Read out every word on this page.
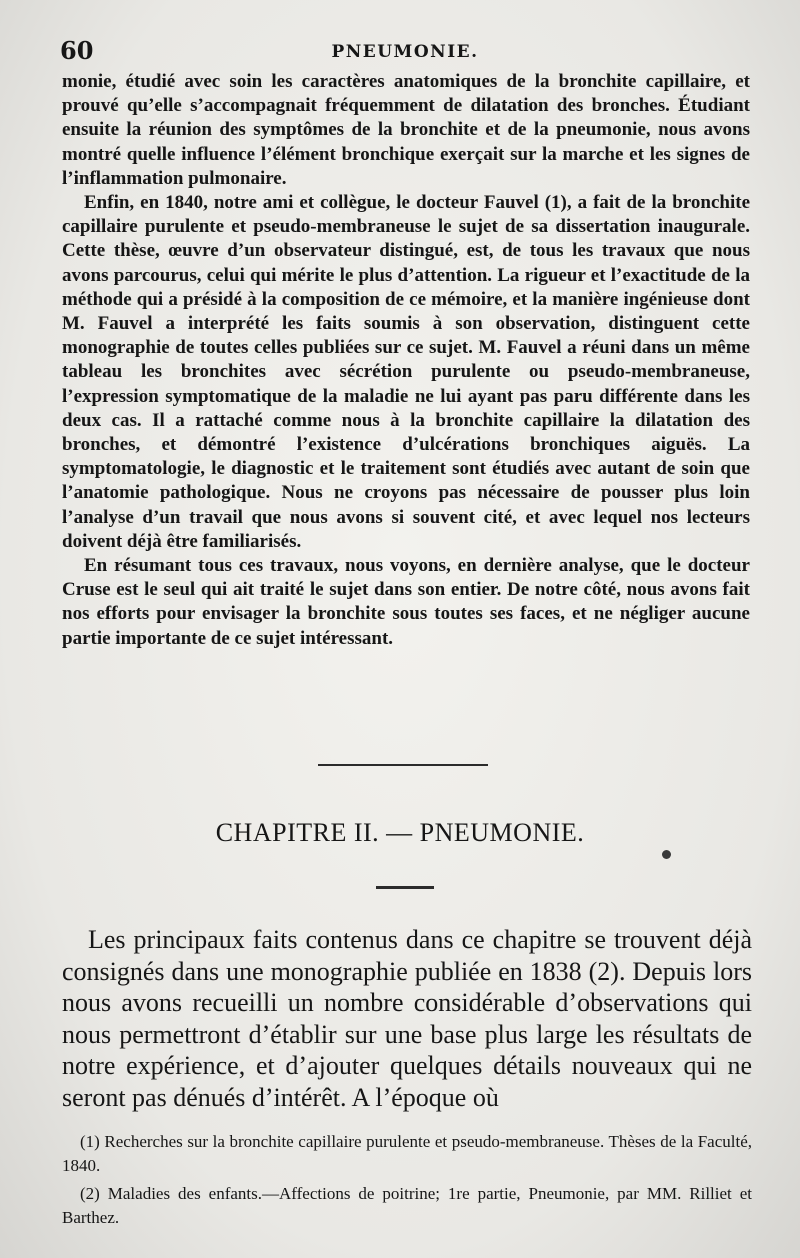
60	PNEUMONIE.

monie, étudié avec soin les caractères anatomiques de la bronchite capillaire, et prouvé qu’elle s’accompagnait fréquemment de dilatation des bronches. Étudiant ensuite la réunion des symptômes de la bronchite et de la pneumonie, nous avons montré quelle influence l’élément bronchique exerçait sur la marche et les signes de l’inflammation pulmonaire.

Enfin, en 1840, notre ami et collègue, le docteur Fauvel (1), a fait de la bronchite capillaire purulente et pseudo-membraneuse le sujet de sa dissertation inaugurale. Cette thèse, œuvre d’un observateur distingué, est, de tous les travaux que nous avons parcourus, celui qui mérite le plus d’attention. La rigueur et l’exactitude de la méthode qui a présidé à la composition de ce mémoire, et la manière ingénieuse dont M. Fauvel a interprété les faits soumis à son observation, distinguent cette monographie de toutes celles publiées sur ce sujet. M. Fauvel a réuni dans un même tableau les bronchites avec sécrétion purulente ou pseudo-membraneuse, l’expression symptomatique de la maladie ne lui ayant pas paru différente dans les deux cas. Il a rattaché comme nous à la bronchite capillaire la dilatation des bronches, et démontré l’existence d’ulcérations bronchiques aiguës. La symptomatologie, le diagnostic et le traitement sont étudiés avec autant de soin que l’anatomie pathologique. Nous ne croyons pas nécessaire de pousser plus loin l’analyse d’un travail que nous avons si souvent cité, et avec lequel nos lecteurs doivent déjà être familiarisés.

En résumant tous ces travaux, nous voyons, en dernière analyse, que le docteur Cruse est le seul qui ait traité le sujet dans son entier. De notre côté, nous avons fait nos efforts pour envisager la bronchite sous toutes ses faces, et ne négliger aucune partie importante de ce sujet intéressant.

CHAPITRE II. — PNEUMONIE.

Les principaux faits contenus dans ce chapitre se trouvent déjà consignés dans une monographie publiée en 1838 (2). Depuis lors nous avons recueilli un nombre considérable d’observations qui nous permettront d’établir sur une base plus large les résultats de notre expérience, et d’ajouter quelques détails nouveaux qui ne seront pas dénués d’intérêt. A l’époque où

(1) Recherches sur la bronchite capillaire purulente et pseudo-membraneuse. Thèses de la Faculté, 1840.

(2) Maladies des enfants.—Affections de poitrine; 1re partie, Pneumonie, par MM. Rilliet et Barthez.
